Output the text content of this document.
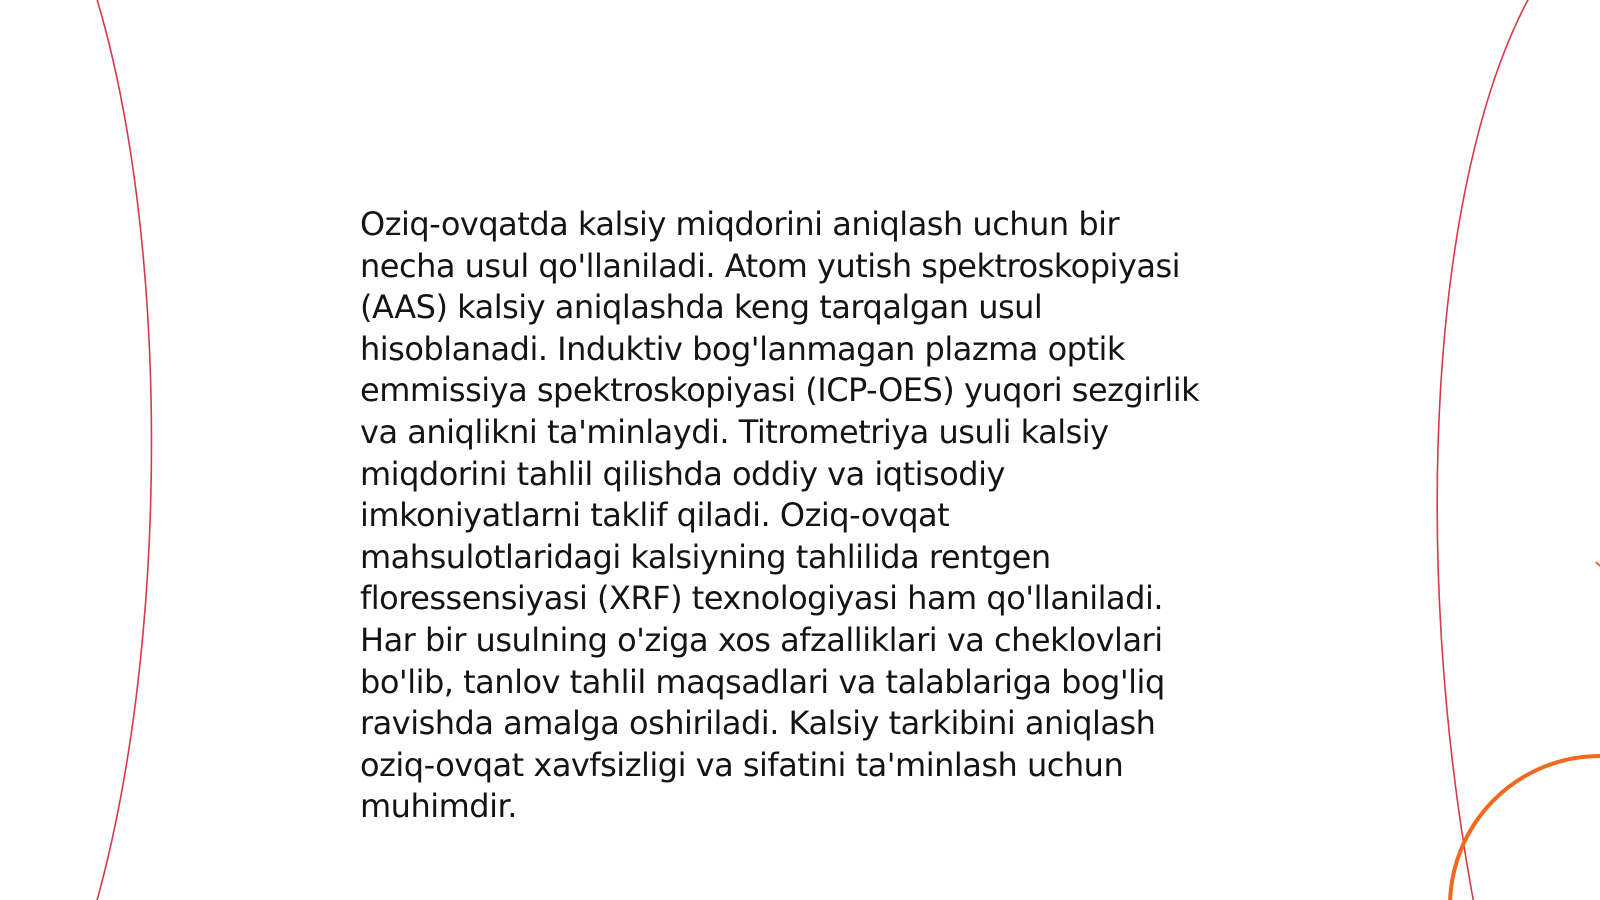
Oziq-ovqatda kalsiy miqdorini aniqlash uchun bir
necha usul qo'llaniladi. Atom yutish spektroskopiyasi
(AAS) kalsiy aniqlashda keng tarqalgan usul
hisoblanadi. Induktiv bog'lanmagan plazma optik
emmissiya spektroskopiyasi (ICP-OES) yuqori sezgirlik
va aniqlikni ta'minlaydi. Titrometriya usuli kalsiy
miqdorini tahlil qilishda oddiy va iqtisodiy
imkoniyatlarni taklif qiladi. Oziq-ovqat
mahsulotlaridagi kalsiyning tahlilida rentgen
floressensiyasi (XRF) texnologiyasi ham qo'llaniladi.
Har bir usulning o'ziga xos afzalliklari va cheklovlari
bo'lib, tanlov tahlil maqsadlari va talablariga bog'liq
ravishda amalga oshiriladi. Kalsiy tarkibini aniqlash
oziq-ovqat xavfsizligi va sifatini ta'minlash uchun
muhimdir.
